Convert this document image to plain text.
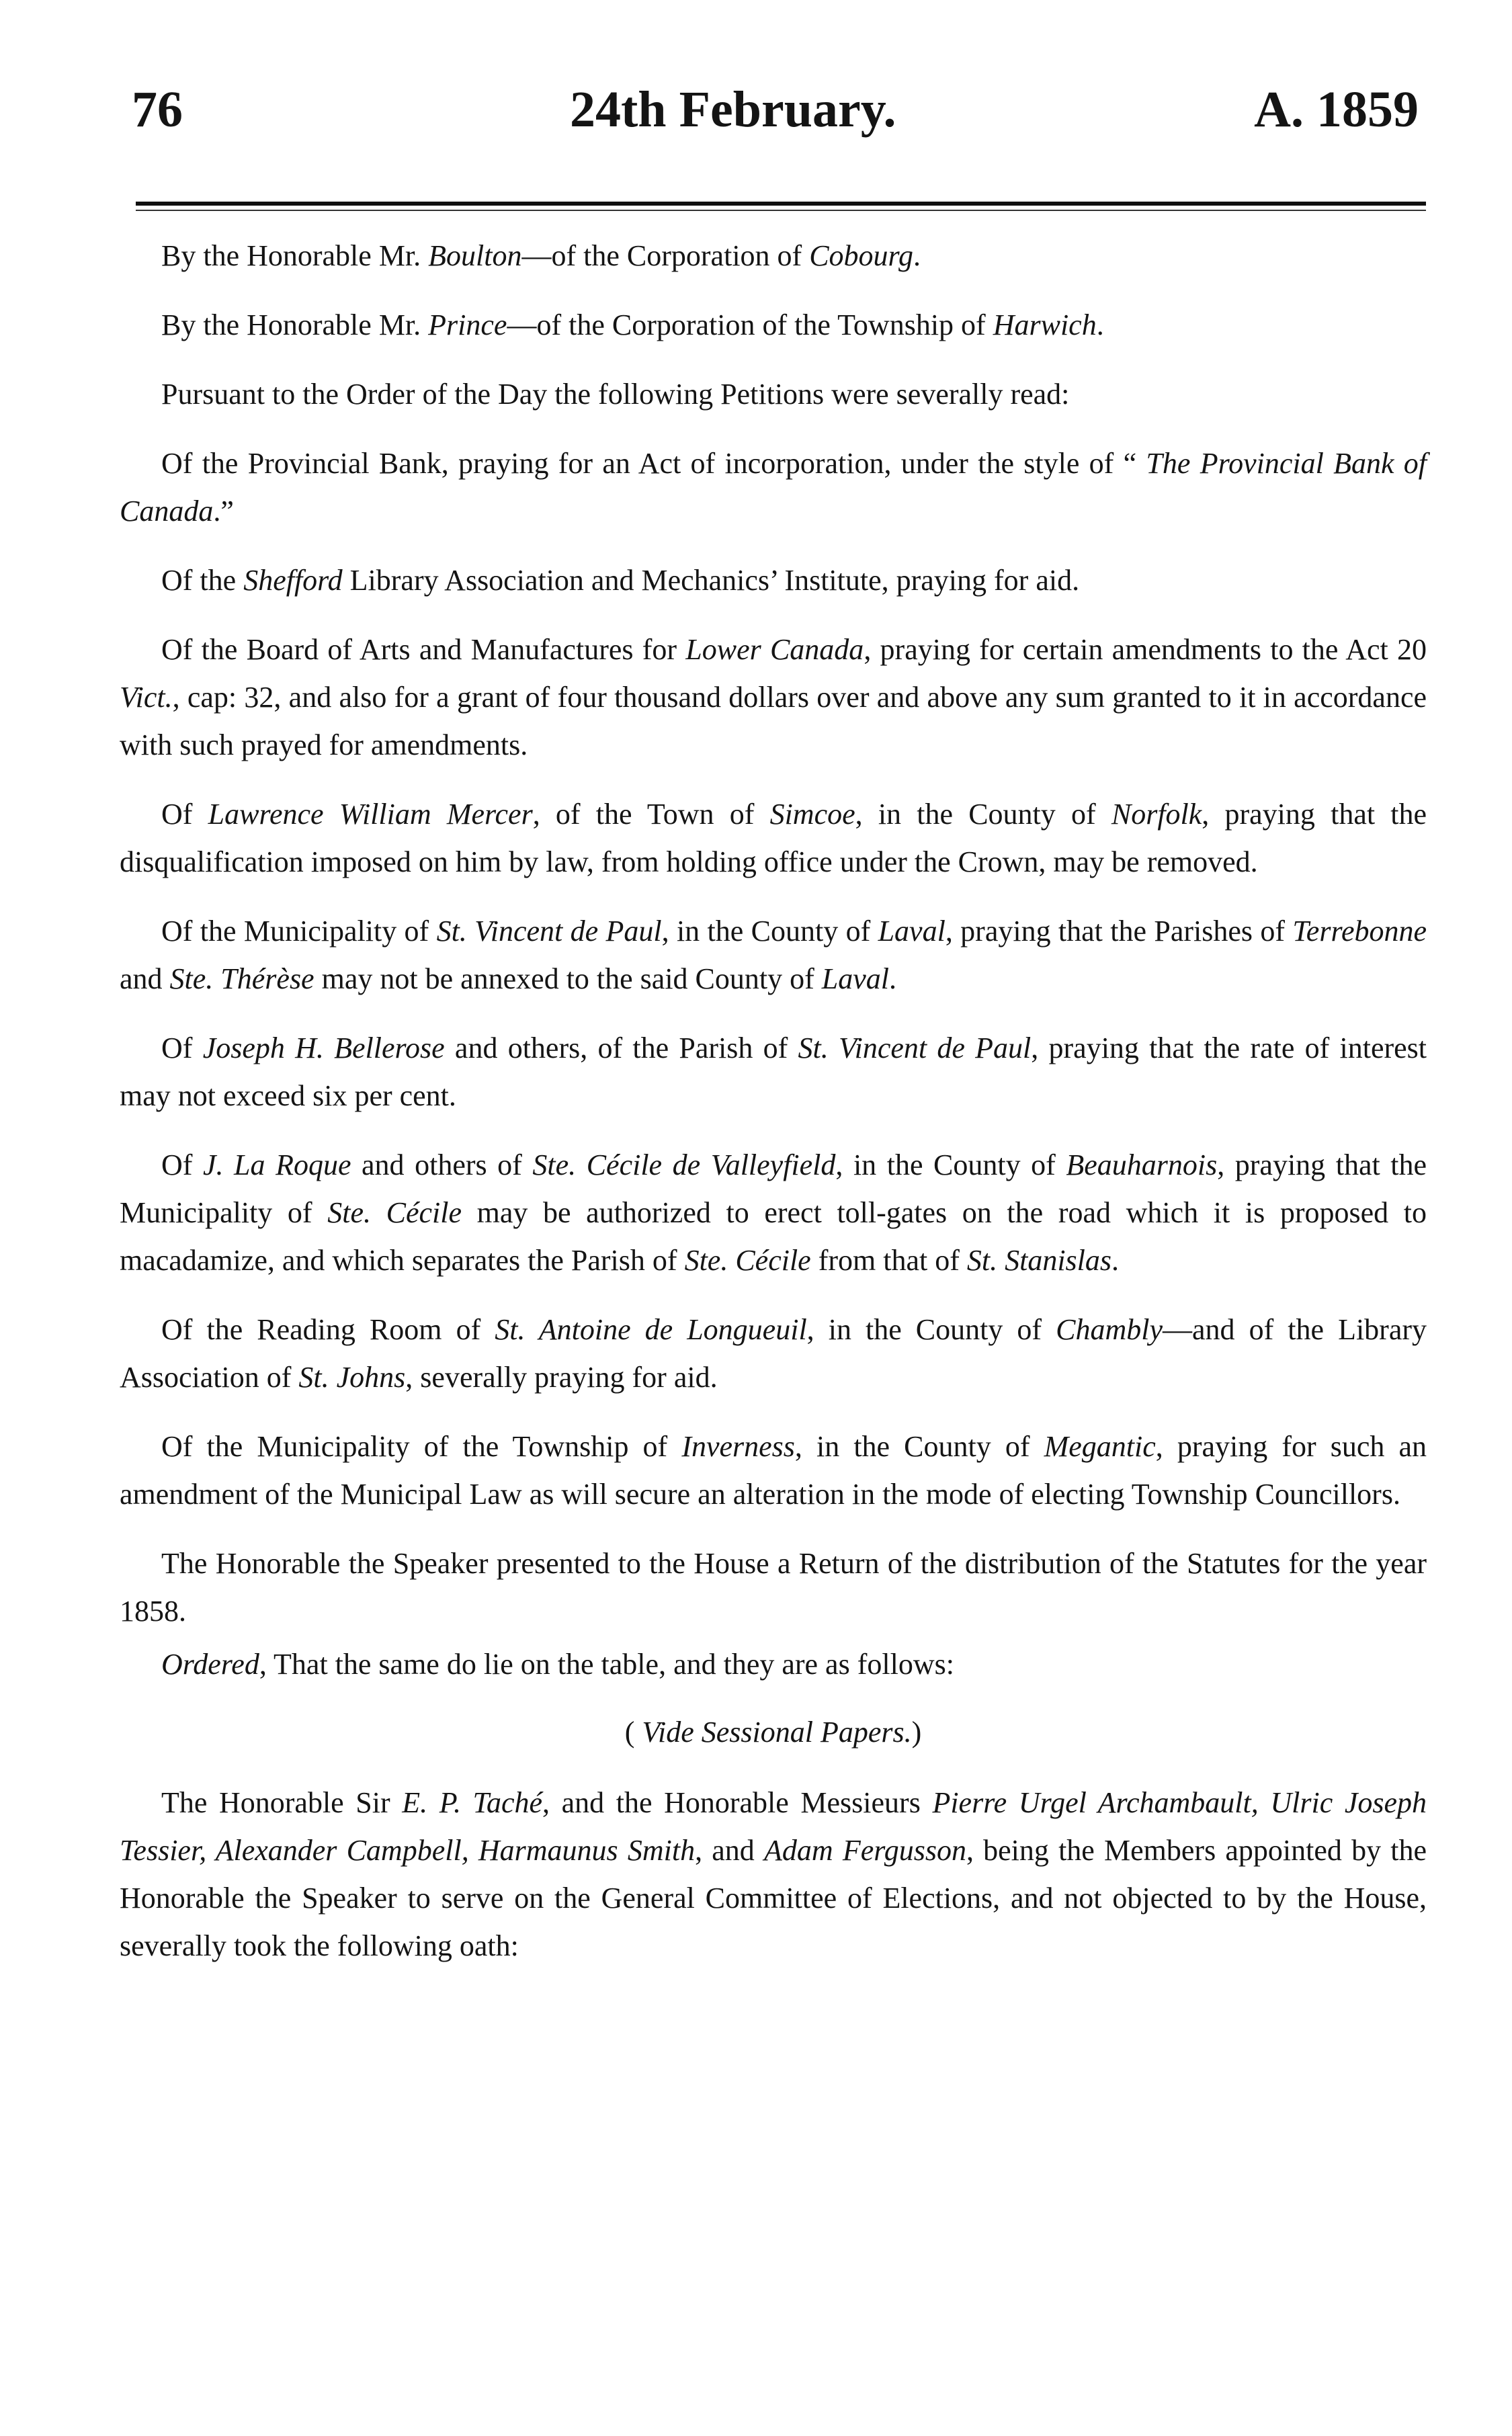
76	24th February.	A. 1859

By the Honorable Mr. Boulton—of the Corporation of Cobourg.

By the Honorable Mr. Prince—of the Corporation of the Township of Harwich.

Pursuant to the Order of the Day the following Petitions were severally read:

Of the Provincial Bank, praying for an Act of incorporation, under the style of “ The Provincial Bank of Canada.”

Of the Shefford Library Association and Mechanics’ Institute, praying for aid.

Of the Board of Arts and Manufactures for Lower Canada, praying for certain amendments to the Act 20 Vict., cap: 32, and also for a grant of four thousand dollars over and above any sum granted to it in accordance with such prayed for amendments.

Of Lawrence William Mercer, of the Town of Simcoe, in the County of Norfolk, praying that the disqualification imposed on him by law, from holding office under the Crown, may be removed.

Of the Municipality of St. Vincent de Paul, in the County of Laval, praying that the Parishes of Terrebonne and Ste. Thérèse may not be annexed to the said County of Laval.

Of Joseph H. Bellerose and others, of the Parish of St. Vincent de Paul, praying that the rate of interest may not exceed six per cent.

Of J. La Roque and others of Ste. Cécile de Valleyfield, in the County of Beauharnois, praying that the Municipality of Ste. Cécile may be authorized to erect toll-gates on the road which it is proposed to macadamize, and which separates the Parish of Ste. Cécile from that of St. Stanislas.

Of the Reading Room of St. Antoine de Longueuil, in the County of Chambly—and of the Library Association of St. Johns, severally praying for aid.

Of the Municipality of the Township of Inverness, in the County of Megantic, praying for such an amendment of the Municipal Law as will secure an alteration in the mode of electing Township Councillors.

The Honorable the Speaker presented to the House a Return of the distribution of the Statutes for the year 1858.

Ordered, That the same do lie on the table, and they are as follows:

( Vide Sessional Papers.)

The Honorable Sir E. P. Taché, and the Honorable Messieurs Pierre Urgel Archambault, Ulric Joseph Tessier, Alexander Campbell, Harmaunus Smith, and Adam Fergusson, being the Members appointed by the Honorable the Speaker to serve on the General Committee of Elections, and not objected to by the House, severally took the following oath:
